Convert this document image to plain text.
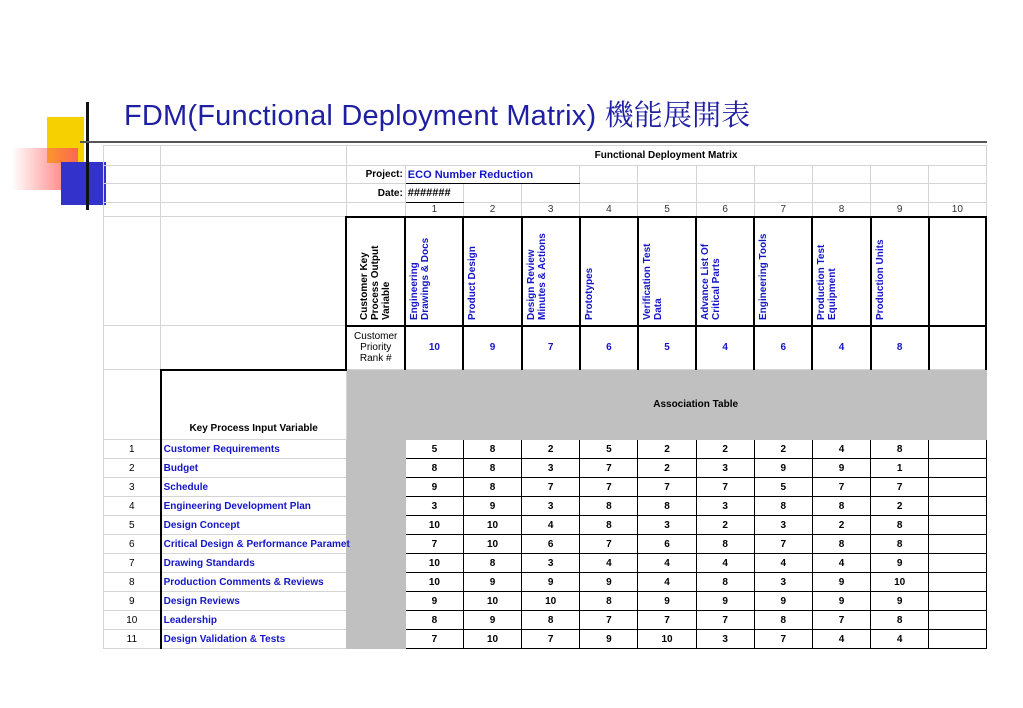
FDM(Functional Deployment Matrix) 機能展開表
		Functional Deployment Matrix										
		Project:	ECO Number Reduction									
		Date:	#######									
			1	2	3	4	5	6	7	8	9	10
		Customer Key Process Output Variable	Engineering Drawings & Docs	Product Design	Design Review Minutes & Actions	Prototypes	Verification Test Data	Advance List Of Critical Parts	Engineering Tools	Production Test Equipment	Production Units	
		Customer Priority Rank #	10	9	7	6	5	4	6	4	8	
	Key Process Input Variable		Association Table									
1	Customer Requirements		5	8	2	5	2	2	2	4	8	
2	Budget		8	8	3	7	2	3	9	9	1	
3	Schedule		9	8	7	7	7	7	5	7	7	
4	Engineering Development Plan		3	9	3	8	8	3	8	8	2	
5	Design Concept		10	10	4	8	3	2	3	2	8	
6	Critical Design & Performance Paramet		7	10	6	7	6	8	7	8	8	
7	Drawing Standards		10	8	3	4	4	4	4	4	9	
8	Production Comments & Reviews		10	9	9	9	4	8	3	9	10	
9	Design Reviews		9	10	10	8	9	9	9	9	9	
10	Leadership		8	9	8	7	7	7	8	7	8	
11	Design Validation & Tests		7	10	7	9	10	3	7	4	4	
